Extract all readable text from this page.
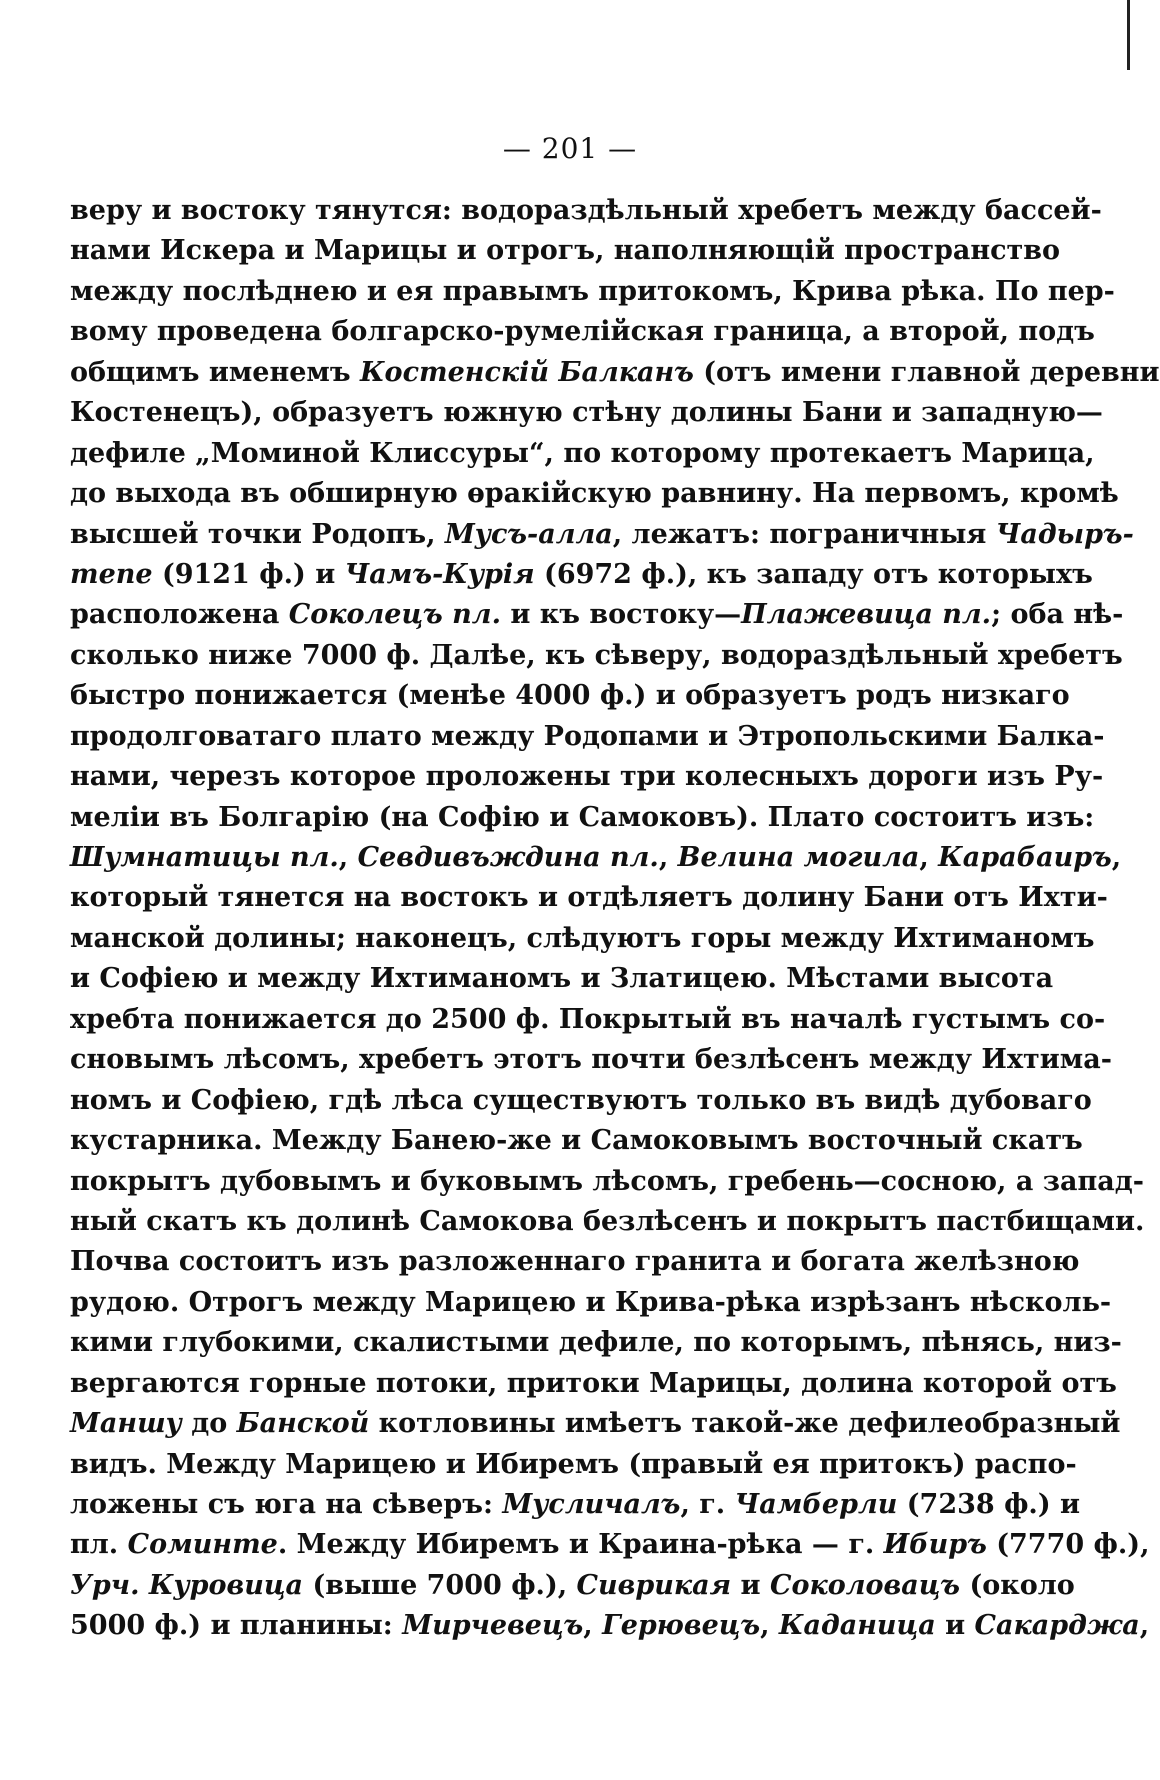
— 201 —
веру и востоку тянутся: водораздѣльный хребетъ между бассей-
нами Искера и Марицы и отрогъ, наполняющій пространство
между послѣднею и ея правымъ притокомъ, Крива рѣка. По пер-
вому проведена болгарско-румелійская граница, а второй, подъ
общимъ именемъ Костенскій Балканъ (отъ имени главной деревни
Костенецъ), образуетъ южную стѣну долины Бани и западную—
дефиле „Моминой Клиссуры“, по которому протекаетъ Марица,
до выхода въ обширную ѳракійскую равнину. На первомъ, кромѣ
высшей точки Родопъ, Мусъ-алла, лежатъ: пограничныя Чадыръ-
тепе (9121 ф.) и Чамъ-Курія (6972 ф.), къ западу отъ которыхъ
расположена Соколецъ пл. и къ востоку—Плажевица пл.; оба нѣ-
сколько ниже 7000 ф. Далѣе, къ сѣверу, водораздѣльный хребетъ
быстро понижается (менѣе 4000 ф.) и образуетъ родъ низкаго
продолговатаго плато между Родопами и Этропольскими Балка-
нами, черезъ которое проложены три колесныхъ дороги изъ Ру-
меліи въ Болгарію (на Софію и Самоковъ). Плато состоитъ изъ:
Шумнатицы пл., Севдивъждина пл., Велина могила, Карабаиръ,
который тянется на востокъ и отдѣляетъ долину Бани отъ Ихти-
манской долины; наконецъ, слѣдуютъ горы между Ихтиманомъ
и Софіею и между Ихтиманомъ и Златицею. Мѣстами высота
хребта понижается до 2500 ф. Покрытый въ началѣ густымъ со-
сновымъ лѣсомъ, хребетъ этотъ почти безлѣсенъ между Ихтима-
номъ и Софіею, гдѣ лѣса существуютъ только въ видѣ дубоваго
кустарника. Между Банею-же и Самоковымъ восточный скатъ
покрытъ дубовымъ и буковымъ лѣсомъ, гребень—сосною, а запад-
ный скатъ къ долинѣ Самокова безлѣсенъ и покрытъ пастбищами.
Почва состоитъ изъ разложеннаго гранита и богата желѣзною
рудою. Отрогъ между Марицею и Крива-рѣка изрѣзанъ нѣсколь-
кими глубокими, скалистыми дефиле, по которымъ, пѣнясь, низ-
вергаются горные потоки, притоки Марицы, долина которой отъ
Маншу до Банской котловины имѣетъ такой-же дефилеобразный
видъ. Между Марицею и Ибиремъ (правый ея притокъ) распо-
ложены съ юга на сѣверъ: Мусличалъ, г. Чамберли (7238 ф.) и
пл. Соминте. Между Ибиремъ и Краина-рѣка — г. Ибиръ (7770 ф.),
Урч. Куровица (выше 7000 ф.), Сиврикая и Соколовацъ (около
5000 ф.) и планины: Мирчевецъ, Герювецъ, Каданица и Сакарджа,
